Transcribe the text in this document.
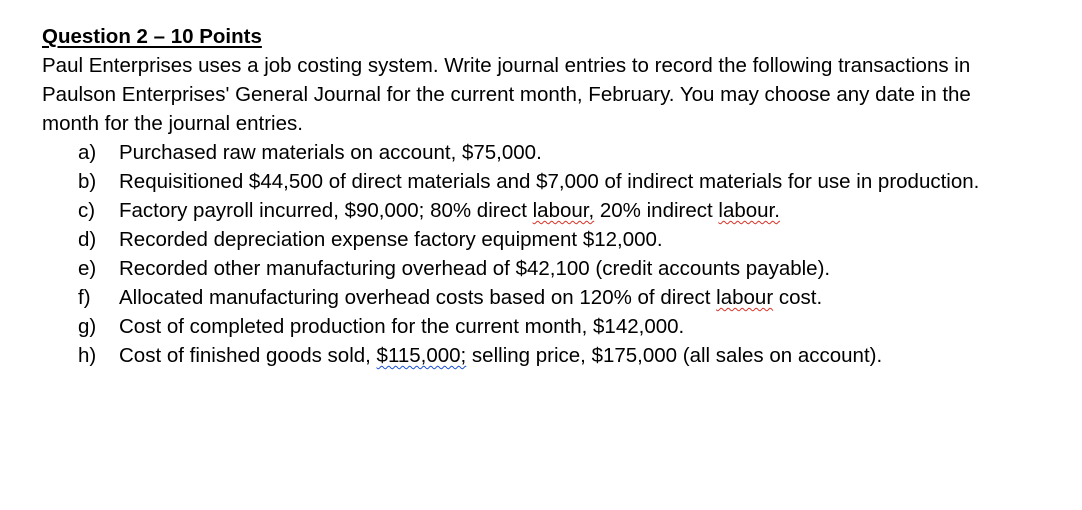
Question 2 – 10 Points

Paul Enterprises uses a job costing system. Write journal entries to record the following transactions in Paulson Enterprises' General Journal for the current month, February. You may choose any date in the month for the journal entries.

a) Purchased raw materials on account, $75,000.
b) Requisitioned $44,500 of direct materials and $7,000 of indirect materials for use in production.
c) Factory payroll incurred, $90,000; 80% direct labour, 20% indirect labour.
d) Recorded depreciation expense factory equipment $12,000.
e) Recorded other manufacturing overhead of $42,100 (credit accounts payable).
f) Allocated manufacturing overhead costs based on 120% of direct labour cost.
g) Cost of completed production for the current month, $142,000.
h) Cost of finished goods sold, $115,000; selling price, $175,000 (all sales on account).
